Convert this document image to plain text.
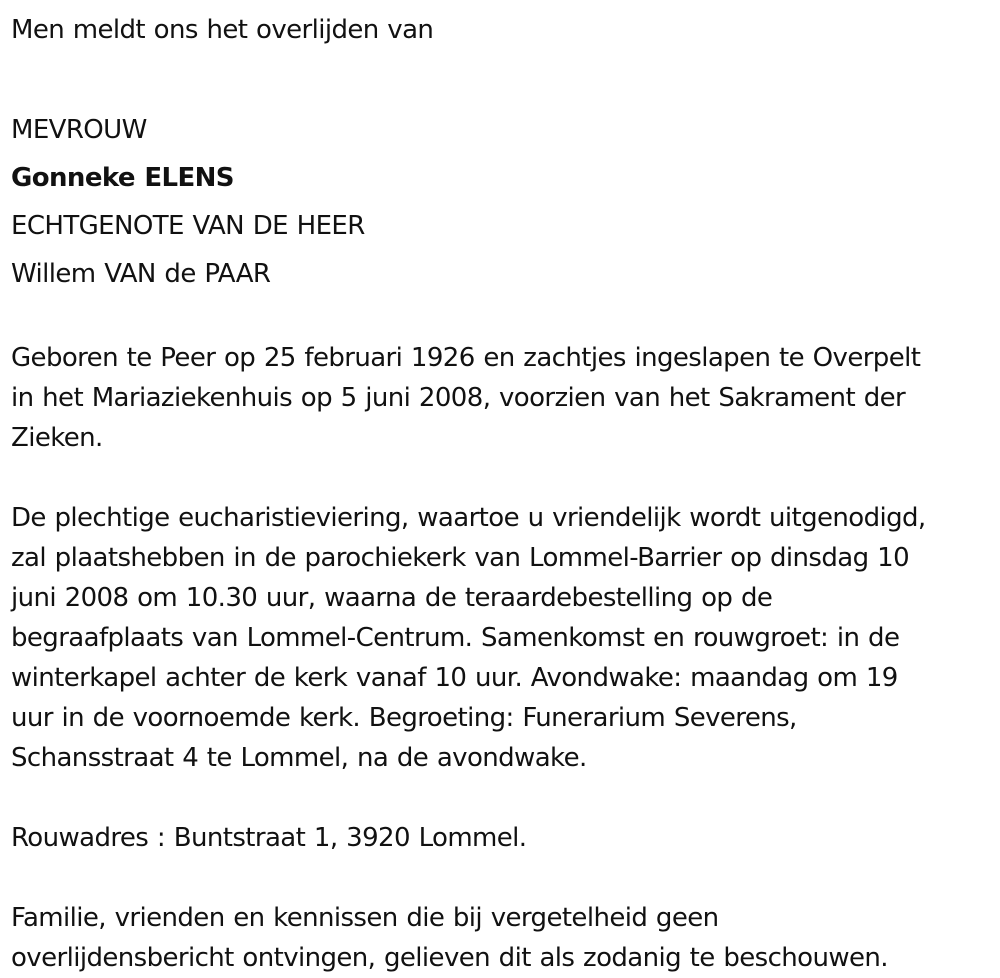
Men meldt ons het overlijden van
MEVROUW
Gonneke ELENS
ECHTGENOTE VAN DE HEER
Willem VAN de PAAR
Geboren te Peer op 25 februari 1926 en zachtjes ingeslapen te Overpelt
in het Mariaziekenhuis op 5 juni 2008, voorzien van het Sakrament der
Zieken.
De plechtige eucharistieviering, waartoe u vriendelijk wordt uitgenodigd,
zal plaatshebben in de parochiekerk van Lommel-Barrier op dinsdag 10
juni 2008 om 10.30 uur, waarna de teraardebestelling op de
begraafplaats van Lommel-Centrum. Samenkomst en rouwgroet: in de
winterkapel achter de kerk vanaf 10 uur. Avondwake: maandag om 19
uur in de voornoemde kerk. Begroeting: Funerarium Severens,
Schansstraat 4 te Lommel, na de avondwake.
Rouwadres : Buntstraat 1, 3920 Lommel.
Familie, vrienden en kennissen die bij vergetelheid geen
overlijdensbericht ontvingen, gelieven dit als zodanig te beschouwen.
